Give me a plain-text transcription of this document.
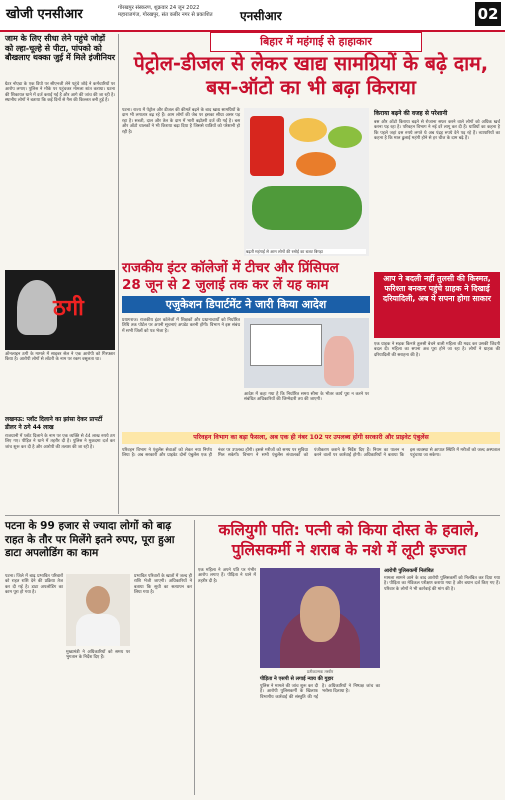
खोजी एनसीआर	गोरखपुर संस्करण, शुक्रवार 24 जून 2022
महाराजगंज, गोरखपुर, संत कबीर नगर से प्रकाशित	एनसीआर	02
जाम के लिए सीधा लेने पहुंचे जोड़ों को ल्हा-चूल्हे से पीटा, पांपको को बौखलाए थक्का जुई में मिले इंजीनियर
ग्रेटर नोएडा के एक डिपो पर सीएनजी लेने पहुंचे जोड़े ने कर्मचारियों पर आरोप लगाए। पुलिस ने मौके पर पहुंचकर मामला शांत कराया। घटना की शिकायत थाने में दर्ज कराई गई है और आगे की जांच की जा रही है। स्थानीय लोगों ने बताया कि कई दिनों से गैस की किल्लत बनी हुई है।
ठगी
ऑनलाइन ठगी के मामले में साइबर सेल ने एक आरोपी को गिरफ्तार किया है। आरोपी लोगों से लॉटरी के नाम पर रकम वसूलता था।
लखनऊ: प्लॉट दिलाने का झांसा देकर प्रापर्टी डीलर ने ठगे 44 लाख
राजधानी में प्लॉट दिलाने के नाम पर एक व्यक्ति से 44 लाख रुपये ठग लिए गए। पीड़ित ने थाने में तहरीर दी है। पुलिस ने मुकदमा दर्ज कर जांच शुरू कर दी है और आरोपी की तलाश की जा रही है।
बिहार में महंगाई से हाहाकार
पेट्रोल-डीजल से लेकर खाद्य सामग्रियों के बढ़े दाम, बस-ऑटो का भी बढ़ा किराया
पटना। राज्य में पेट्रोल और डीजल की कीमतें बढ़ने के बाद खाद्य सामग्रियों के दाम भी लगातार बढ़ रहे हैं। आम लोगों की जेब पर इसका सीधा असर पड़ रहा है। सब्जी, दाल और तेल के दाम में भारी बढ़ोतरी दर्ज की गई है। बस और ऑटो चालकों ने भी किराया बढ़ा दिया है जिससे यात्रियों को परेशानी हो रही है।
बढ़ती महंगाई से आम लोगों की रसोई का बजट बिगड़ा
किराया बढ़ने की वजह से परेशानी
बस और ऑटो किराया बढ़ने से रोजाना सफर करने वाले लोगों को अधिक खर्च करना पड़ रहा है। परिवहन विभाग ने नई दरें लागू कर दी हैं। यात्रियों का कहना है कि पहले जहां दस रुपये लगते थे अब पंद्रह रुपये देने पड़ रहे हैं। व्यापारियों का कहना है कि माल ढुलाई महंगी होने से हर चीज के दाम बढ़े हैं।
राजकीय इंटर कॉलेजों में टीचर और प्रिंसिपल 28 जून से 2 जुलाई तक कर लें यह काम
एजुकेशन डिपार्टमेंट ने जारी किया आदेश
प्रयागराज। राजकीय इंटर कॉलेजों में शिक्षकों और प्रधानाचार्यों को निर्धारित तिथि तक पोर्टल पर अपनी सूचनाएं अपडेट करनी होंगी। विभाग ने इस संबंध में सभी जिलों को पत्र भेजा है।
आदेश में कहा गया है कि निर्धारित समय सीमा के भीतर कार्य पूरा न करने पर संबंधित अधिकारियों की जिम्मेदारी तय की जाएगी।
आप ने बदली नहीं तुलसी की किस्मत, फरिश्ता बनकर पहुंचे ग्राहक ने दिखाई दरियादिली, अब ये सपना होगा साकार
एक ग्राहक ने सड़क किनारे तुलसी बेचने वाली महिला की मदद कर उसकी जिंदगी बदल दी। महिला का सपना अब पूरा होने जा रहा है। लोगों ने ग्राहक की दरियादिली की सराहना की है।
परिवहन विभाग का बड़ा फैसला, अब एक ही नंबर 102 पर उपलब्ध होंगी सरकारी और प्राइवेट एंबुलेंस
परिवहन विभाग ने एंबुलेंस सेवाओं को लेकर नया निर्णय लिया है। अब सरकारी और प्राइवेट दोनों एंबुलेंस एक ही नंबर पर उपलब्ध होंगी। इससे मरीजों को समय पर सुविधा मिल सकेगी। विभाग ने सभी एंबुलेंस संचालकों को पंजीकरण कराने के निर्देश दिए हैं। नियम का पालन न करने वालों पर कार्रवाई होगी। अधिकारियों ने बताया कि इस व्यवस्था से आपात स्थिति में मरीजों को जल्द अस्पताल पहुंचाया जा सकेगा।
पटना के 99 हजार से ज्यादा लोगों को बाढ़ राहत के तौर पर मिलेंगे इतने रुपए, पूरा हुआ डाटा अपलोडिंग का काम
पटना। जिले में बाढ़ प्रभावित परिवारों को राहत राशि देने की प्रक्रिया तेज कर दी गई है। डाटा अपलोडिंग का काम पूरा हो गया है।
प्रभावित परिवारों के खातों में जल्द ही राशि भेजी जाएगी। अधिकारियों ने बताया कि सूची का सत्यापन कर लिया गया है।
मुख्यमंत्री ने अधिकारियों को समय पर भुगतान के निर्देश दिए हैं।
कलियुगी पति: पत्नी को किया दोस्त के हवाले, पुलिसकर्मी ने शराब के नशे में लूटी इज्जत
एक महिला ने अपने पति पर गंभीर आरोप लगाए हैं। पीड़िता ने थाने में तहरीर दी है।
प्रतीकात्मक तस्वीर
पीड़िता ने एसपी से लगाई न्याय की गुहार
पुलिस ने मामले की जांच शुरू कर दी है। आरोपी पुलिसकर्मी के खिलाफ विभागीय कार्रवाई की संस्तुति की गई है। अधिकारियों ने निष्पक्ष जांच का भरोसा दिलाया है।
आरोपी पुलिसकर्मी निलंबित
मामला सामने आने के बाद आरोपी पुलिसकर्मी को निलंबित कर दिया गया है। पीड़िता का मेडिकल परीक्षण कराया गया है और बयान दर्ज किए गए हैं। परिवार के लोगों ने भी कार्रवाई की मांग की है।
